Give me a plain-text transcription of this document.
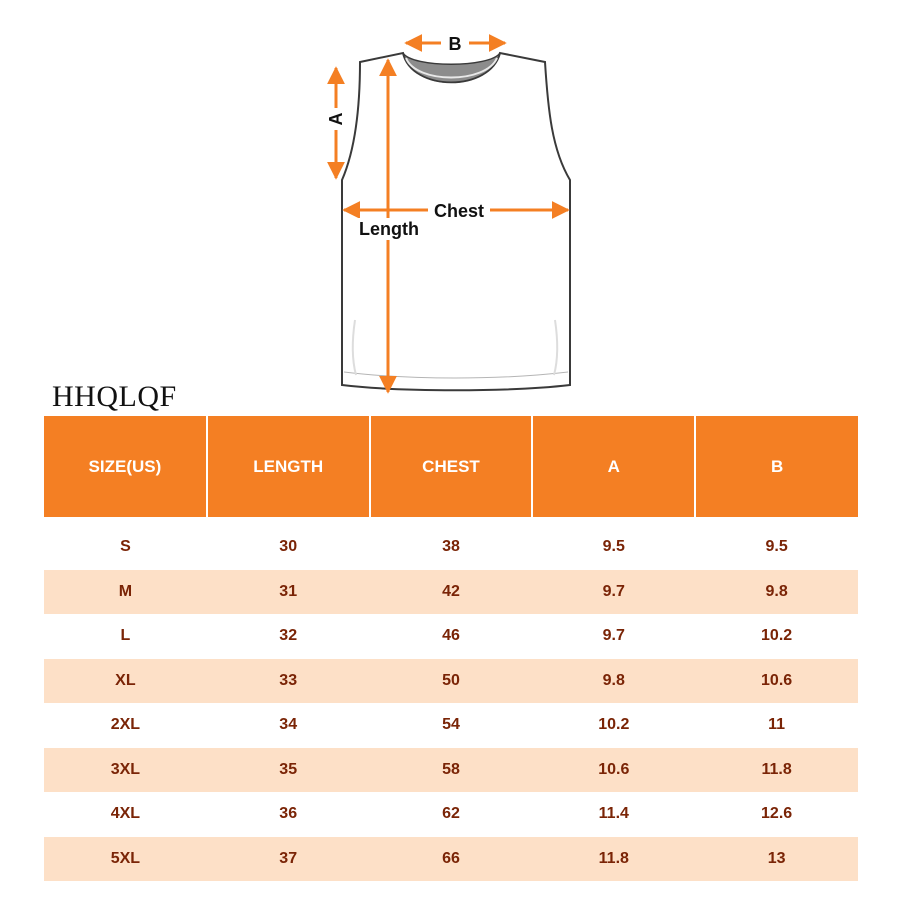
B
A
Chest
Length
HHQLQF
SIZE(US)	LENGTH	CHEST	A	B
S	30	38	9.5	9.5
M	31	42	9.7	9.8
L	32	46	9.7	10.2
XL	33	50	9.8	10.6
2XL	34	54	10.2	11
3XL	35	58	10.6	11.8
4XL	36	62	11.4	12.6
5XL	37	66	11.8	13
